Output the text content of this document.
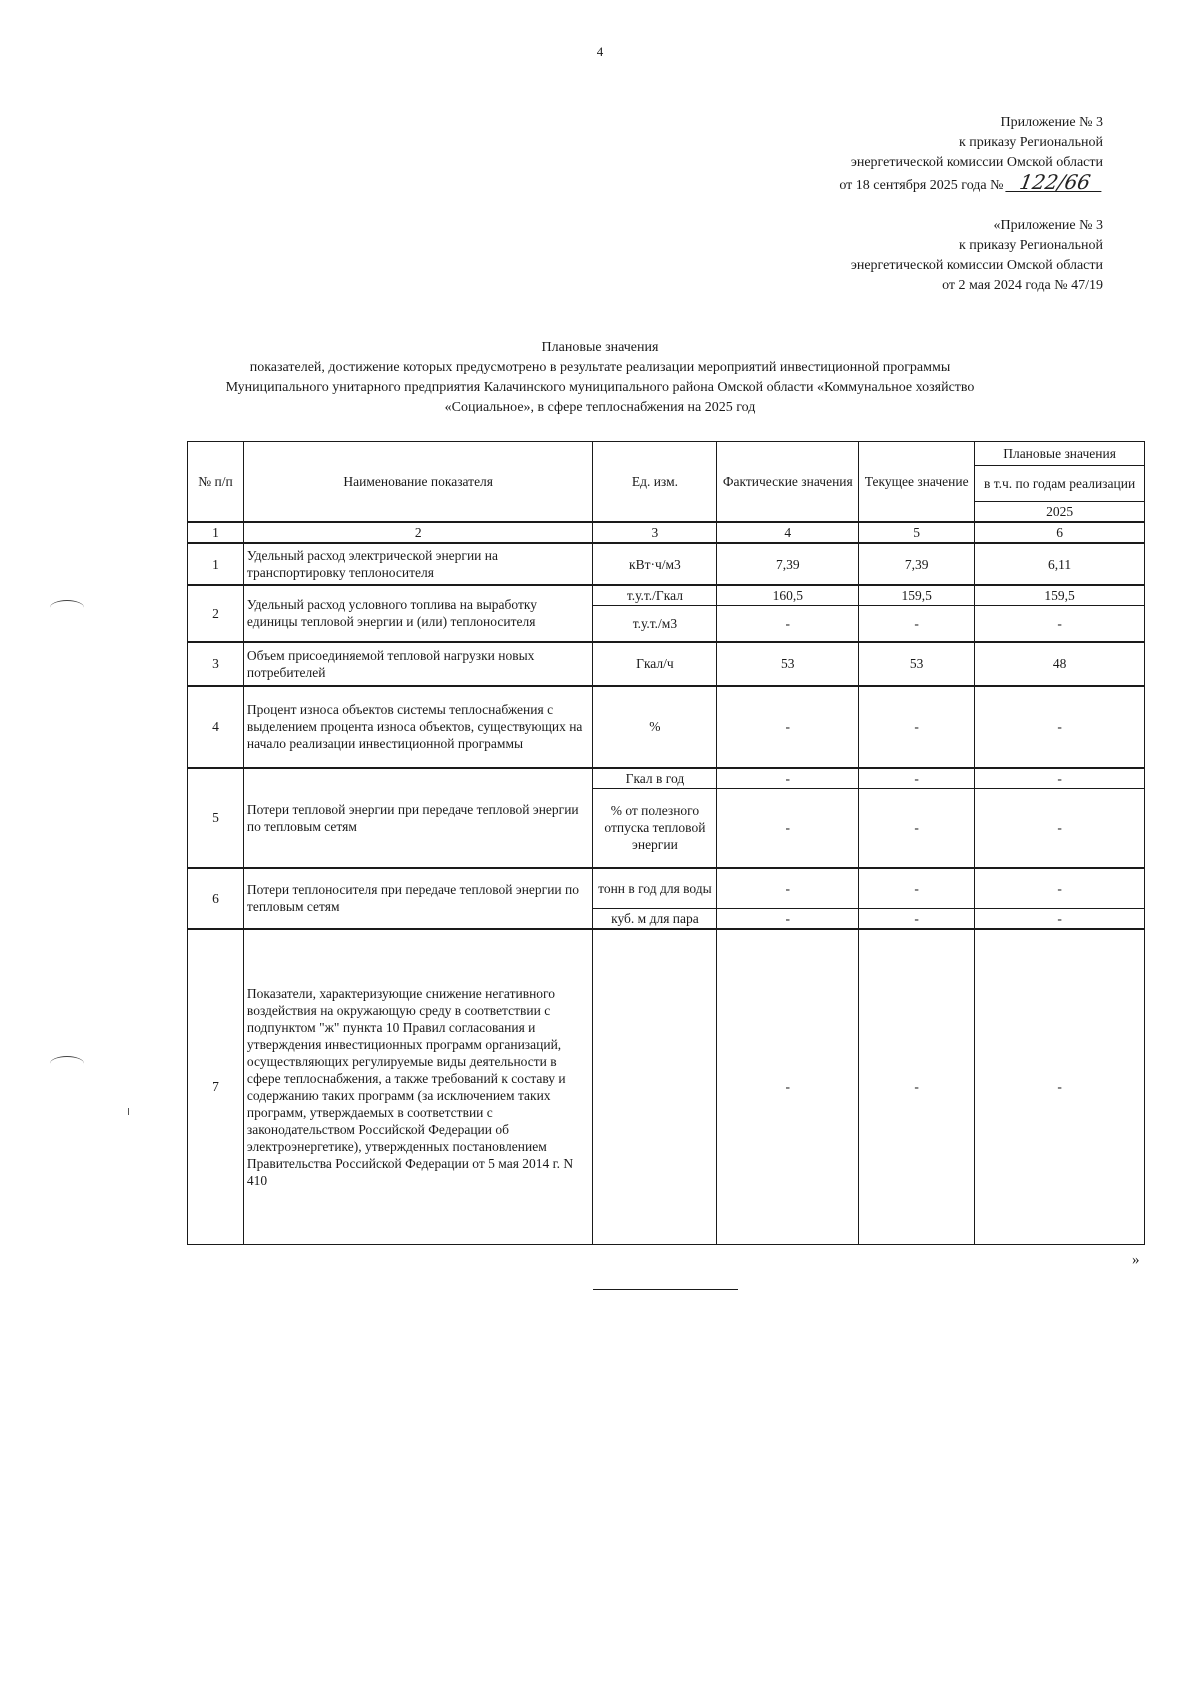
4
Приложение № 3
к приказу Региональной
энергетической комиссии Омской области
от 18 сентября 2025 года № 122/66
«Приложение № 3
к приказу Региональной
энергетической комиссии Омской области
от 2 мая 2024 года № 47/19
Плановые значения
показателей, достижение которых предусмотрено в результате реализации мероприятий инвестиционной программы
Муниципального унитарного предприятия Калачинского муниципального района Омской области «Коммунальное хозяйство
«Социальное», в сфере теплоснабжения на 2025 год
№ п/п	Наименование показателя	Ед. изм.	Фактические значения	Текущее значение	Плановые значения
					в т.ч. по годам реализации
					2025
1	2	3	4	5	6
1	Удельный расход электрической энергии на транспортировку теплоносителя	кВт·ч/м3	7,39	7,39	6,11
2	Удельный расход условного топлива на выработку единицы тепловой энергии и (или) теплоносителя	т.у.т./Гкал	160,5	159,5	159,5
		т.у.т./м3	-	-	-
3	Объем присоединяемой тепловой нагрузки новых потребителей	Гкал/ч	53	53	48
4	Процент износа объектов системы теплоснабжения с выделением процента износа объектов, существующих на начало реализации инвестиционной программы	%	-	-	-
5	Потери тепловой энергии при передаче тепловой энергии по тепловым сетям	Гкал в год	-	-	-
		% от полезного отпуска тепловой энергии	-	-	-
6	Потери теплоносителя при передаче тепловой энергии по тепловым сетям	тонн в год для воды	-	-	-
		куб. м для пара	-	-	-
7	Показатели, характеризующие снижение негативного воздействия на окружающую среду в соответствии с подпунктом "ж" пункта 10 Правил согласования и утверждения инвестиционных программ организаций, осуществляющих регулируемые виды деятельности в сфере теплоснабжения, а также требований к составу и содержанию таких программ (за исключением таких программ, утверждаемых в соответствии с законодательством Российской Федерации об электроэнергетике), утвержденных постановлением Правительства Российской Федерации от 5 мая 2014 г. N 410		-	-	-
»
